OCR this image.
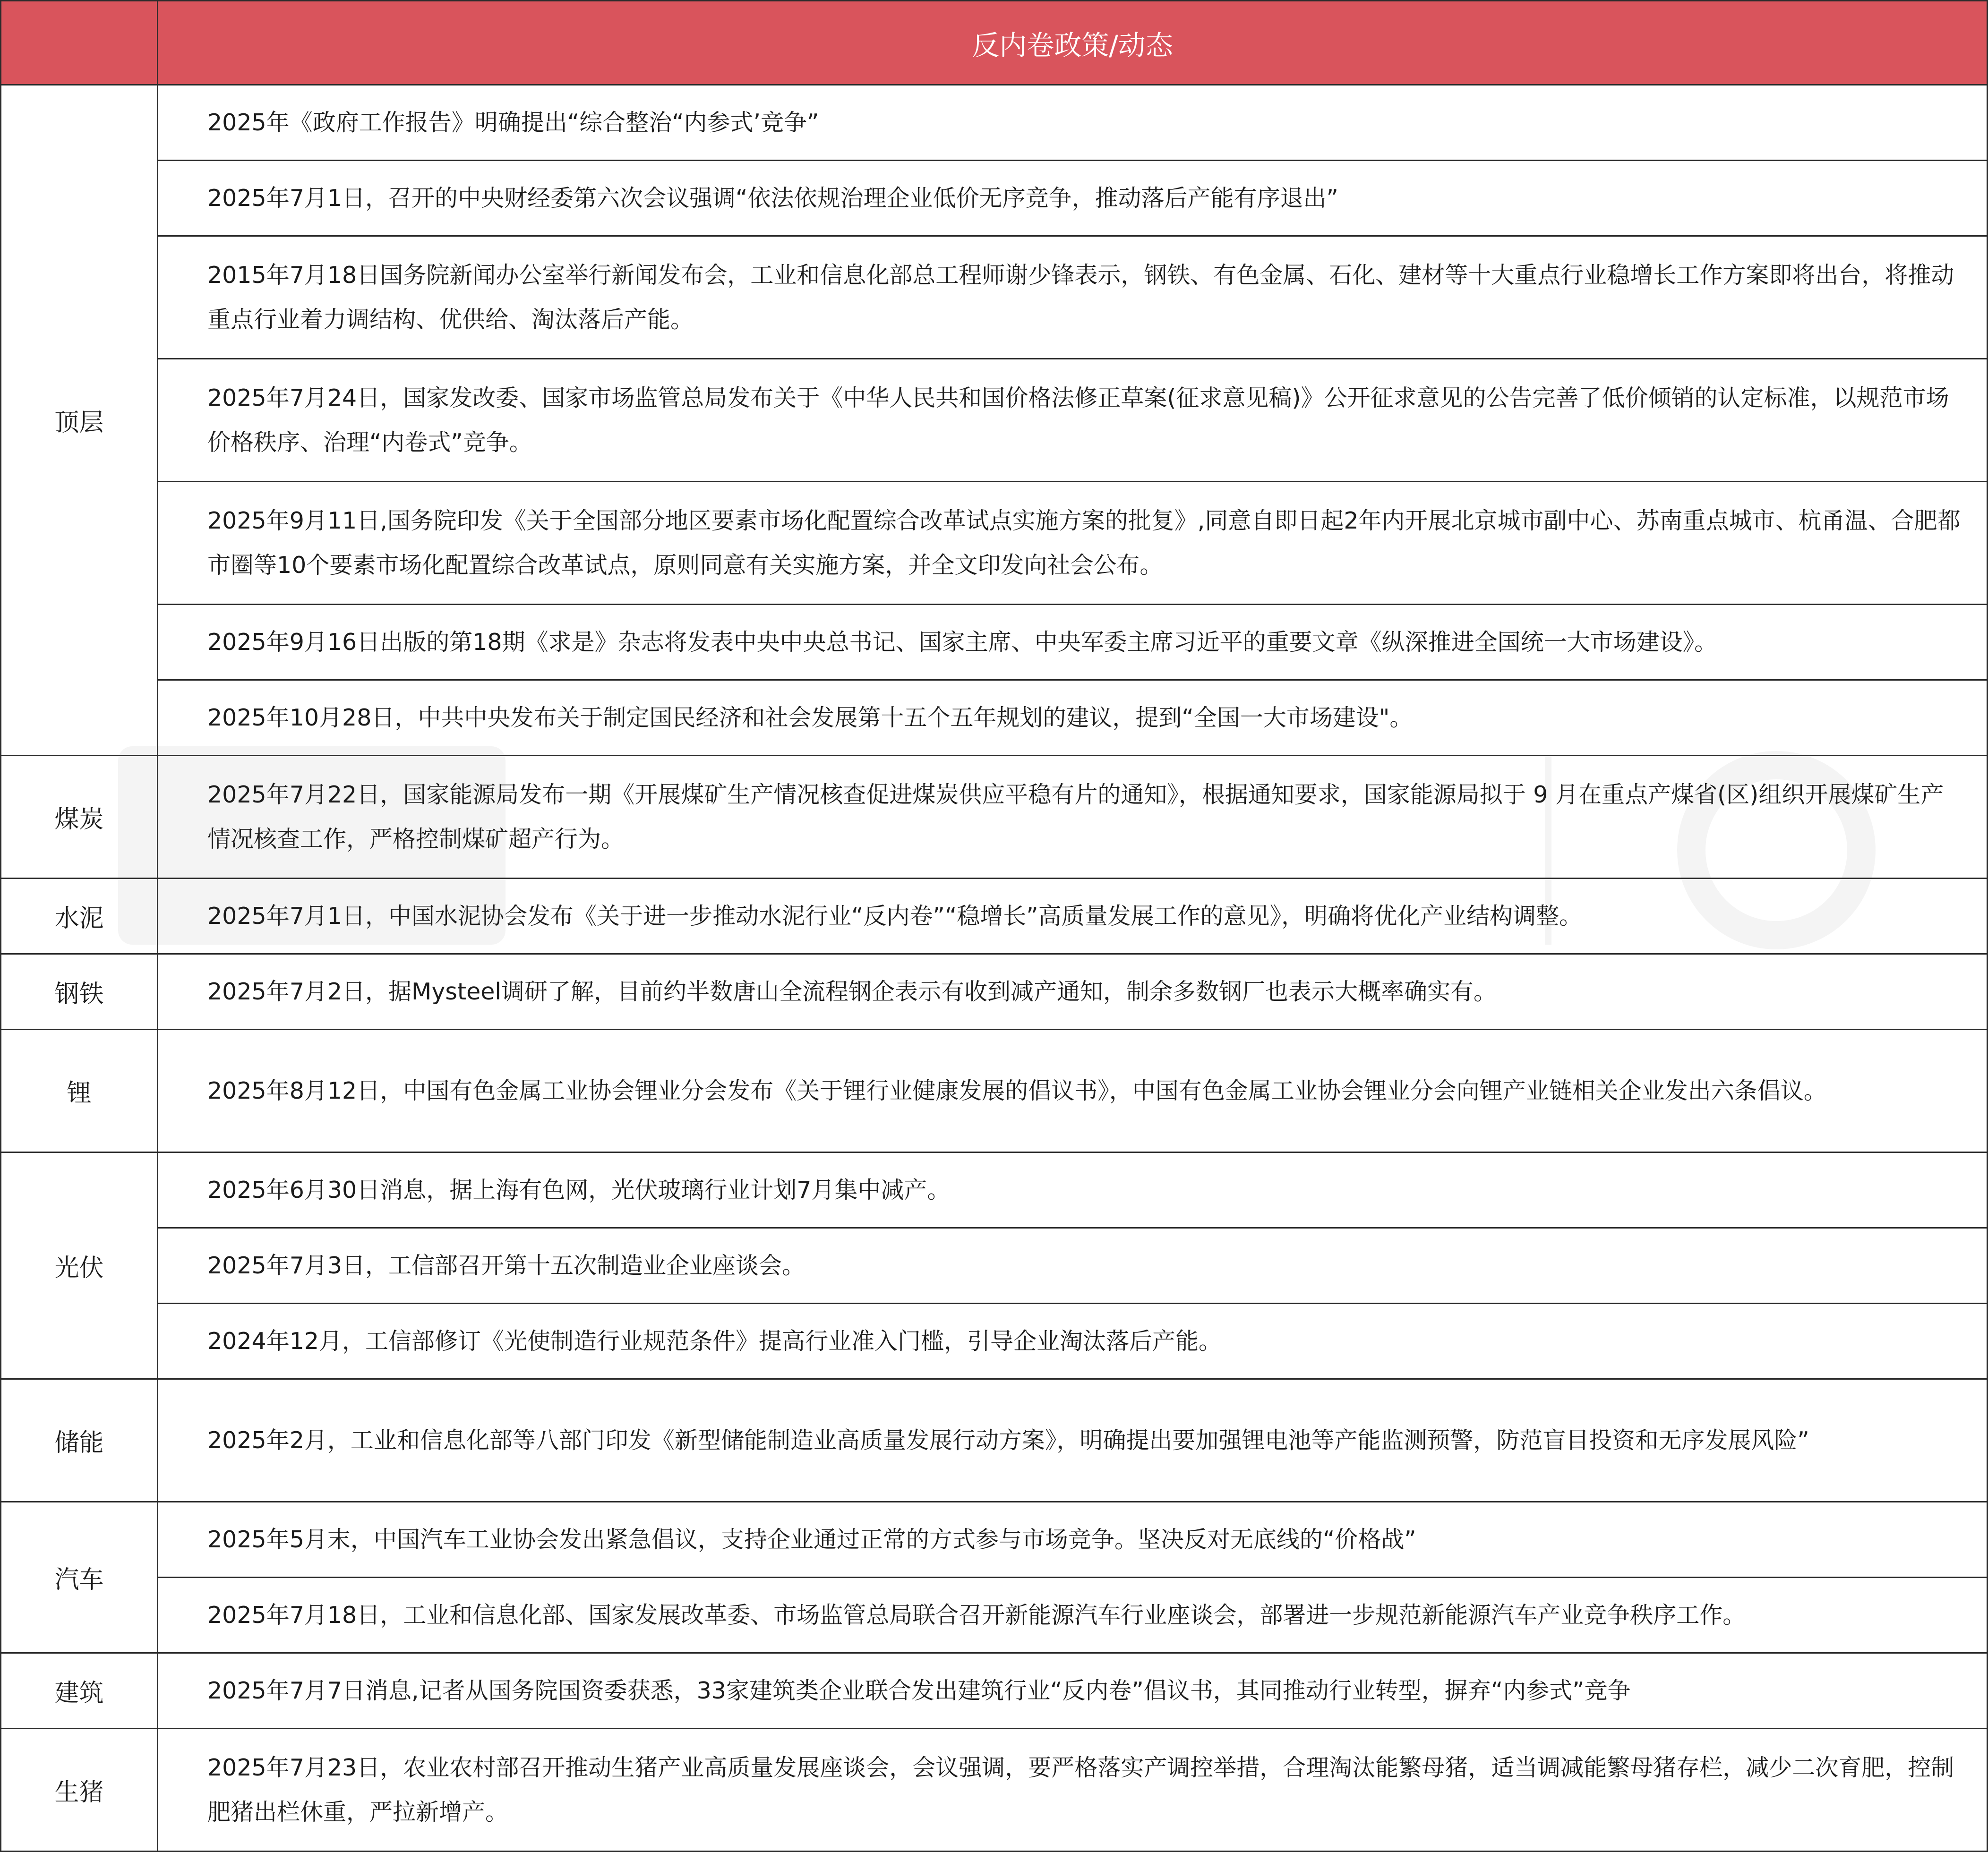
	反内卷政策/动态
顶层	2025年《政府工作报告》明确提出“综合整治“内参式’竞争”
	2025年7月1日，召开的中央财经委第六次会议强调“依法依规治理企业低价无序竞争，推动落后产能有序退出”
	2015年7月18日国务院新闻办公室举行新闻发布会，工业和信息化部总工程师谢少锋表示，钢铁、有色金属、石化、建材等十大重点行业稳增长工作方案即将出台，将推动重点行业着力调结构、优供给、淘汰落后产能。
	2025年7月24日，国家发改委、国家市场监管总局发布关于《中华人民共和国价格法修正草案(征求意见稿)》公开征求意见的公告完善了低价倾销的认定标准，以规范市场价格秩序、治理“内卷式”竞争。
	2025年9月11日,国务院印发《关于全国部分地区要素市场化配置综合改革试点实施方案的批复》,同意自即日起2年内开展北京城市副中心、苏南重点城市、杭甬温、合肥都市圈等10个要素市场化配置综合改革试点，原则同意有关实施方案，并全文印发向社会公布。
	2025年9月16日出版的第18期《求是》杂志将发表中央中央总书记、国家主席、中央军委主席习近平的重要文章《纵深推进全国统一大市场建设》。
	2025年10月28日，中共中央发布关于制定国民经济和社会发展第十五个五年规划的建议，提到“全国一大市场建设"。
煤炭	2025年7月22日，国家能源局发布一期《开展煤矿生产情况核查促进煤炭供应平稳有片的通知》，根据通知要求，国家能源局拟于 9 月在重点产煤省(区)组织开展煤矿生产情况核查工作，严格控制煤矿超产行为。
水泥	2025年7月1日，中国水泥协会发布《关于进一步推动水泥行业“反内卷”“稳增长”高质量发展工作的意见》，明确将优化产业结构调整。
钢铁	2025年7月2日，据Mysteel调研了解，目前约半数唐山全流程钢企表示有收到减产通知，制余多数钢厂也表示大概率确实有。
锂	2025年8月12日，中国有色金属工业协会锂业分会发布《关于锂行业健康发展的倡议书》，中国有色金属工业协会锂业分会向锂产业链相关企业发出六条倡议。
光伏	2025年6月30日消息，据上海有色网，光伏玻璃行业计划7月集中减产。
	2025年7月3日，工信部召开第十五次制造业企业座谈会。
	2024年12月，工信部修订《光使制造行业规范条件》提高行业准入门槛，引导企业淘汰落后产能。
储能	2025年2月，工业和信息化部等八部门印发《新型储能制造业高质量发展行动方案》，明确提出要加强锂电池等产能监测预警，防范盲目投资和无序发展风险”
汽车	2025年5月末，中国汽车工业协会发出紧急倡议，支持企业通过正常的方式参与市场竞争。坚决反对无底线的“价格战”
	2025年7月18日，工业和信息化部、国家发展改革委、市场监管总局联合召开新能源汽车行业座谈会，部署进一步规范新能源汽车产业竞争秩序工作。
建筑	2025年7月7日消息,记者从国务院国资委获悉，33家建筑类企业联合发出建筑行业“反内卷”倡议书，其同推动行业转型，摒弃“内参式”竞争
生猪	2025年7月23日，农业农村部召开推动生猪产业高质量发展座谈会，会议强调，要严格落实产调控举措，合理淘汰能繁母猪，适当调减能繁母猪存栏，减少二次育肥，控制肥猪出栏休重，严拉新增产。
